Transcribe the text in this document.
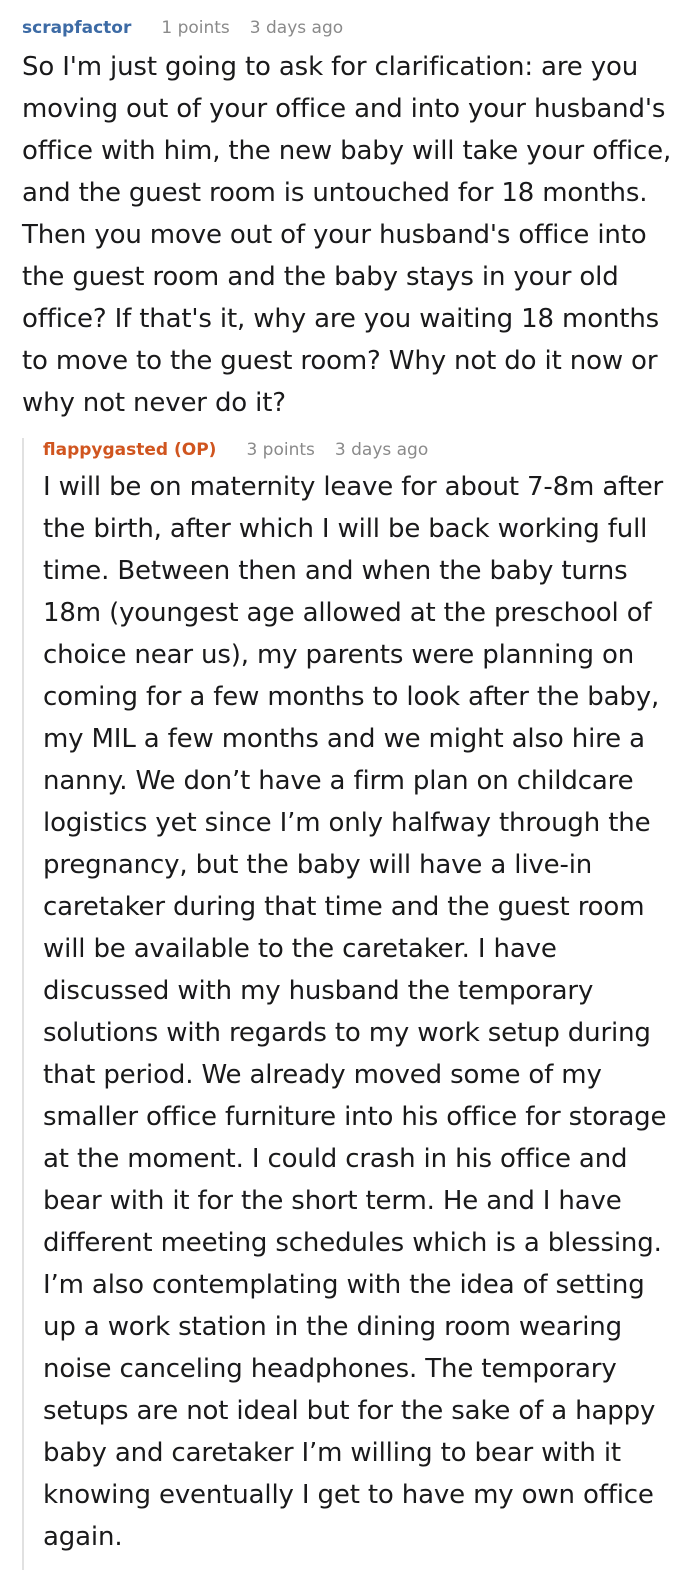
scrapfactor 1 points 3 days ago

So I'm just going to ask for clarification: are you moving out of your office and into your husband's office with him, the new baby will take your office, and the guest room is untouched for 18 months. Then you move out of your husband's office into the guest room and the baby stays in your old office? If that's it, why are you waiting 18 months to move to the guest room? Why not do it now or why not never do it?

flappygasted (OP) 3 points 3 days ago

I will be on maternity leave for about 7-8m after the birth, after which I will be back working full time. Between then and when the baby turns 18m (youngest age allowed at the preschool of choice near us), my parents were planning on coming for a few months to look after the baby, my MIL a few months and we might also hire a nanny. We don’t have a firm plan on childcare logistics yet since I’m only halfway through the pregnancy, but the baby will have a live-in caretaker during that time and the guest room will be available to the caretaker. I have discussed with my husband the temporary solutions with regards to my work setup during that period. We already moved some of my smaller office furniture into his office for storage at the moment. I could crash in his office and bear with it for the short term. He and I have different meeting schedules which is a blessing. I’m also contemplating with the idea of setting up a work station in the dining room wearing noise canceling headphones. The temporary setups are not ideal but for the sake of a happy baby and caretaker I’m willing to bear with it knowing eventually I get to have my own office again.
